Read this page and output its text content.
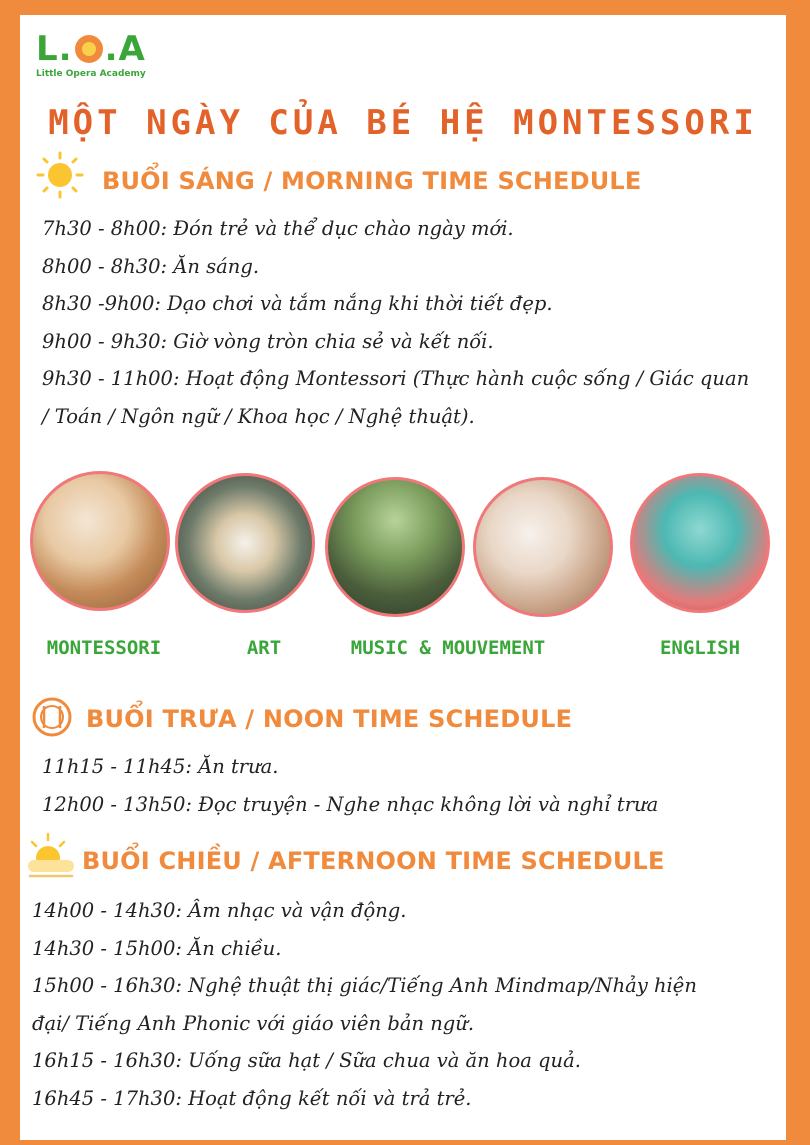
L . . A
Little Opera Academy
MỘT NGÀY CỦA BÉ HỆ MONTESSORI
BUỔI SÁNG / MORNING TIME SCHEDULE
7h30 - 8h00: Đón trẻ và thể dục chào ngày mới.
8h00 - 8h30: Ăn sáng.
8h30 -9h00: Dạo chơi và tắm nắng khi thời tiết đẹp.
9h00 - 9h30: Giờ vòng tròn chia sẻ và kết nối.
9h30 - 11h00: Hoạt động Montessori (Thực hành cuộc sống / Giác quan
/ Toán / Ngôn ngữ / Khoa học / Nghệ thuật).
MONTESSORI	ART	MUSIC & MOUVEMENT	ENGLISH
BUỔI TRƯA / NOON TIME SCHEDULE
11h15 - 11h45: Ăn trưa.
12h00 - 13h50: Đọc truyện - Nghe nhạc không lời và nghỉ trưa
BUỔI CHIỀU / AFTERNOON TIME SCHEDULE
14h00 - 14h30: Âm nhạc và vận động.
14h30 - 15h00: Ăn chiều.
15h00 - 16h30: Nghệ thuật thị giác/Tiếng Anh Mindmap/Nhảy hiện
đại/ Tiếng Anh Phonic với giáo viên bản ngữ.
16h15 - 16h30: Uống sữa hạt / Sữa chua và ăn hoa quả.
16h45 - 17h30: Hoạt động kết nối và trả trẻ.
